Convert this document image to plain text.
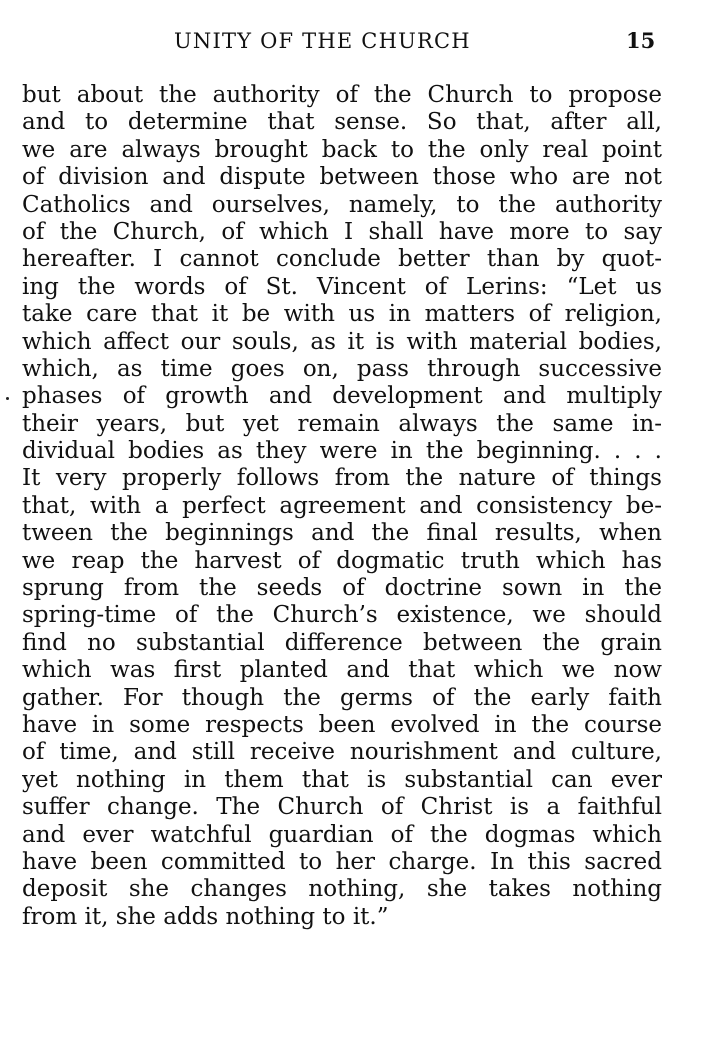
UNITY OF THE CHURCH	15
but about the authority of the Church to propose
and to determine that sense. So that, after all,
we are always brought back to the only real point
of division and dispute between those who are not
Catholics and ourselves, namely, to the authority
of the Church, of which I shall have more to say
hereafter. I cannot conclude better than by quot-
ing the words of St. Vincent of Lerins: “Let us
take care that it be with us in matters of religion,
which affect our souls, as it is with material bodies,
which, as time goes on, pass through successive
phases of growth and development and multiply
their years, but yet remain always the same in-
dividual bodies as they were in the beginning. . . .
It very properly follows from the nature of things
that, with a perfect agreement and consistency be-
tween the beginnings and the final results, when
we reap the harvest of dogmatic truth which has
sprung from the seeds of doctrine sown in the
spring-time of the Church’s existence, we should
find no substantial difference between the grain
which was first planted and that which we now
gather. For though the germs of the early faith
have in some respects been evolved in the course
of time, and still receive nourishment and culture,
yet nothing in them that is substantial can ever
suffer change. The Church of Christ is a faithful
and ever watchful guardian of the dogmas which
have been committed to her charge. In this sacred
deposit she changes nothing, she takes nothing
from it, she adds nothing to it.”
